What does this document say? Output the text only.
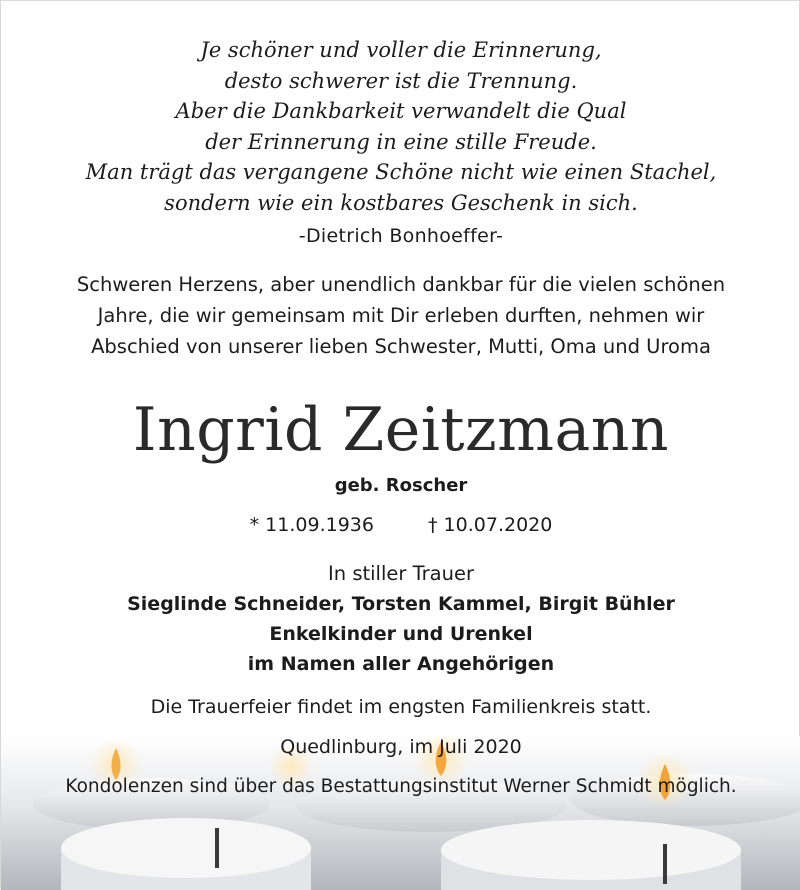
Je schöner und voller die Erinnerung,
desto schwerer ist die Trennung.
Aber die Dankbarkeit verwandelt die Qual
der Erinnerung in eine stille Freude.
Man trägt das vergangene Schöne nicht wie einen Stachel,
sondern wie ein kostbares Geschenk in sich.
-Dietrich Bonhoeffer-
Schweren Herzens, aber unendlich dankbar für die vielen schönen
Jahre, die wir gemeinsam mit Dir erleben durften, nehmen wir
Abschied von unserer lieben Schwester, Mutti, Oma und Uroma
Ingrid Zeitzmann
geb. Roscher
* 11.09.1936	† 10.07.2020
In stiller Trauer
Sieglinde Schneider, Torsten Kammel, Birgit Bühler
Enkelkinder und Urenkel
im Namen aller Angehörigen
Die Trauerfeier findet im engsten Familienkreis statt.
Quedlinburg, im Juli 2020
Kondolenzen sind über das Bestattungsinstitut Werner Schmidt möglich.
